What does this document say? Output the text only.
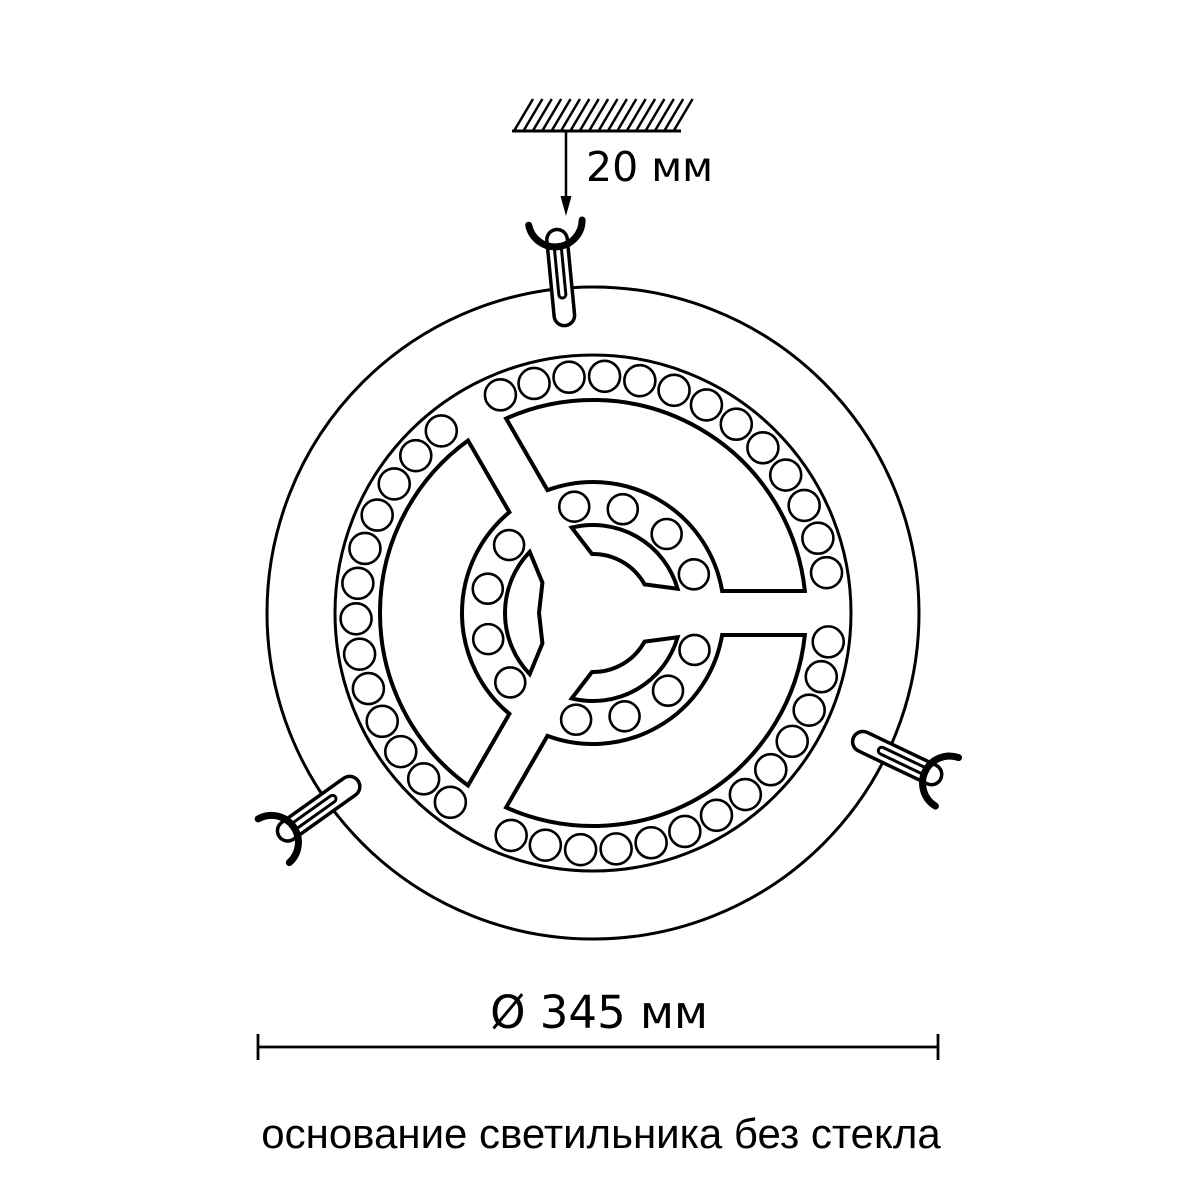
20 мм
Ø 345 мм
основание светильника без стекла
